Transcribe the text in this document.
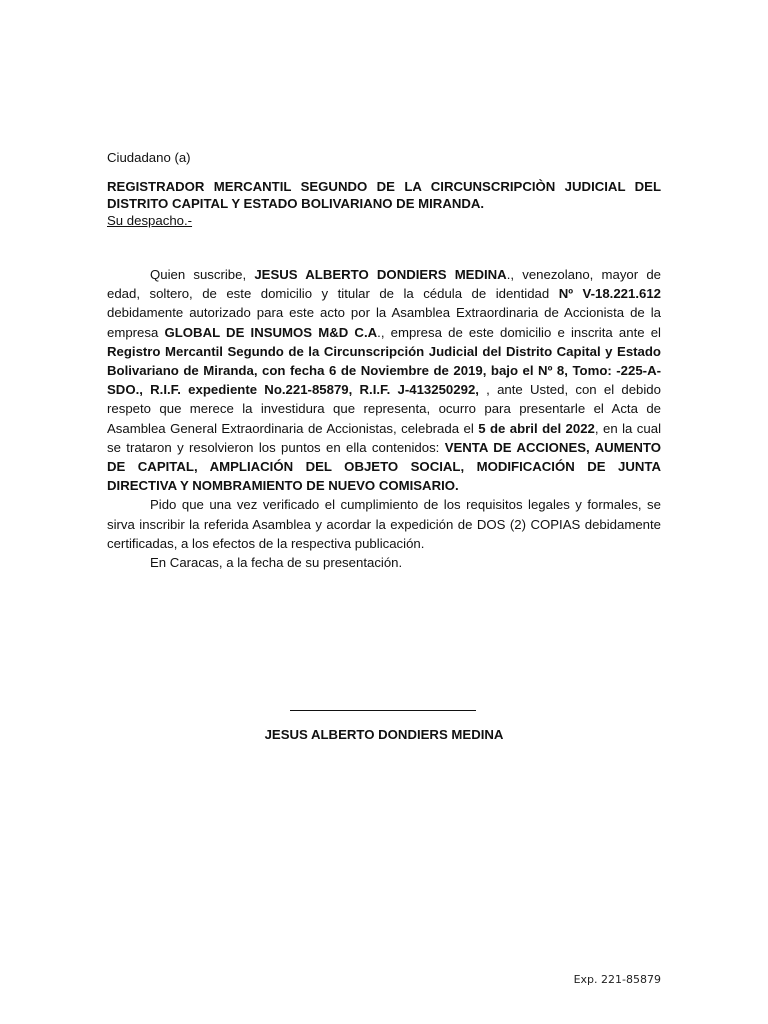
Ciudadano (a)
REGISTRADOR MERCANTIL SEGUNDO DE LA CIRCUNSCRIPCIÒN JUDICIAL DEL
DISTRITO CAPITAL Y ESTADO BOLIVARIANO DE MIRANDA.
Su despacho.-

Quien suscribe, JESUS ALBERTO DONDIERS MEDINA., venezolano, mayor de edad, soltero, de este domicilio y titular de la cédula de identidad Nº V-18.221.612 debidamente autorizado para este acto por la Asamblea Extraordinaria de Accionista de la empresa GLOBAL DE INSUMOS M&D C.A., empresa de este domicilio e inscrita ante el Registro Mercantil Segundo de la Circunscripción Judicial del Distrito Capital y Estado Bolivariano de Miranda, con fecha 6 de Noviembre de 2019, bajo el Nº 8, Tomo: -225-A-SDO., R.I.F. expediente No.221-85879, R.I.F. J-413250292, , ante Usted, con el debido respeto que merece la investidura que representa, ocurro para presentarle el Acta de Asamblea General Extraordinaria de Accionistas, celebrada el 5 de abril del 2022, en la cual se trataron y resolvieron los puntos en ella contenidos: VENTA DE ACCIONES, AUMENTO DE CAPITAL, AMPLIACIÓN DEL OBJETO SOCIAL, MODIFICACIÓN DE JUNTA DIRECTIVA Y NOMBRAMIENTO DE NUEVO COMISARIO.

Pido que una vez verificado el cumplimiento de los requisitos legales y formales, se sirva inscribir la referida Asamblea y acordar la expedición de DOS (2) COPIAS debidamente certificadas, a los efectos de la respectiva publicación.

En Caracas, a la fecha de su presentación.

JESUS ALBERTO DONDIERS MEDINA
Exp. 221-85879
